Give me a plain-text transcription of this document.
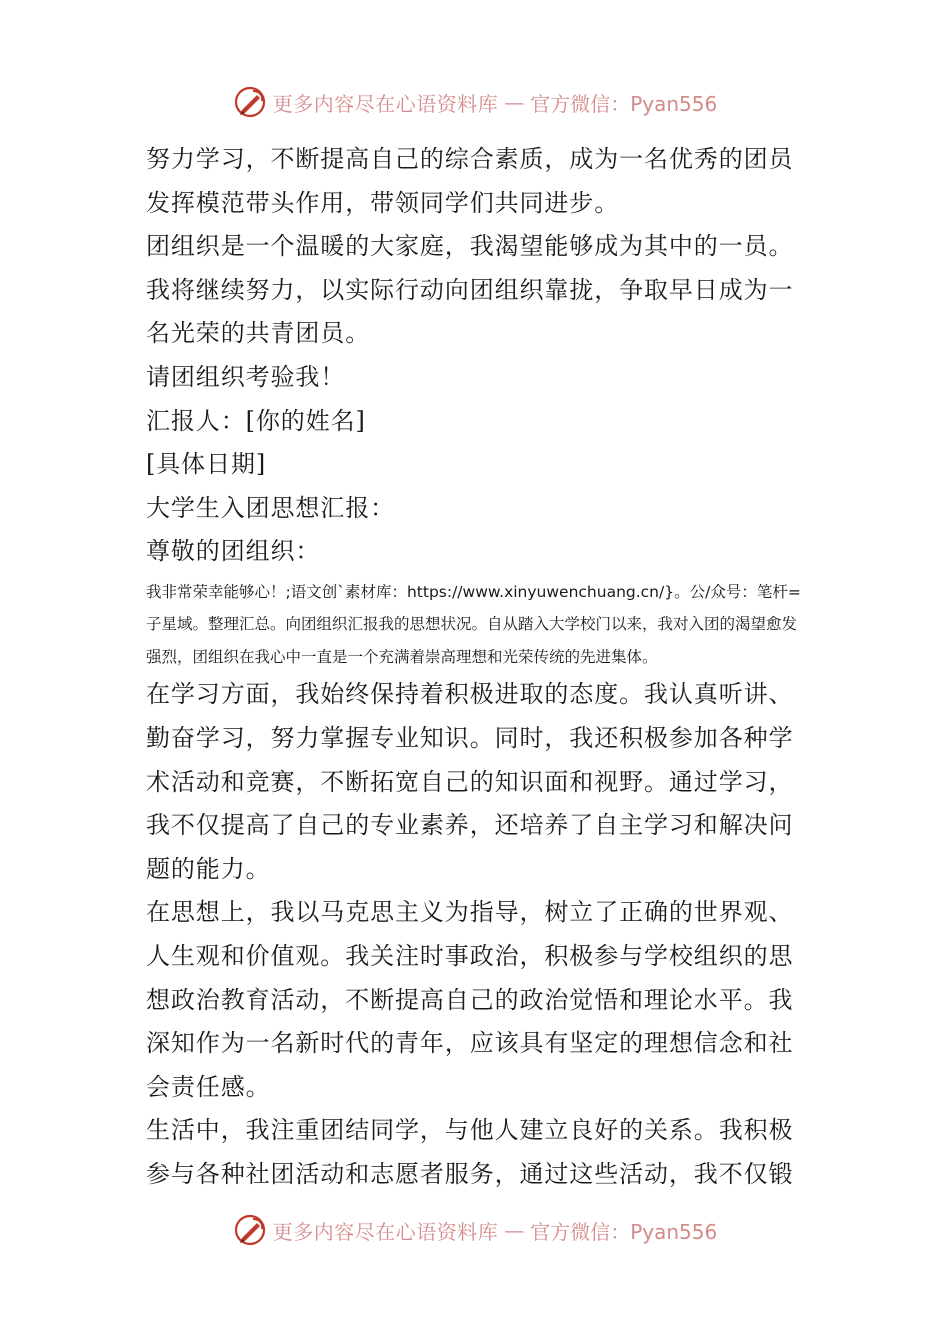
更多内容尽在心语资料库 — 官方微信：Pyan556

努力学习，不断提高自己的综合素质，成为一名优秀的团员

发挥模范带头作用，带领同学们共同进步。

团组织是一个温暖的大家庭，我渴望能够成为其中的一员。

我将继续努力，以实际行动向团组织靠拢，争取早日成为一

名光荣的共青团员。

请团组织考验我！

汇报人：[你的姓名]

[具体日期]

大学生入团思想汇报：

尊敬的团组织：

我非常荣幸能够心！;语文创`素材库：https://www.xinyuwenchuang.cn/}。公/众号：笔杆=子星域。整理汇总。向团组织汇报我的思想状况。自从踏入大学校门以来，我对入团的渴望愈发强烈，团组织在我心中一直是一个充满着崇高理想和光荣传统的先进集体。

在学习方面，我始终保持着积极进取的态度。我认真听讲、

勤奋学习，努力掌握专业知识。同时，我还积极参加各种学

术活动和竞赛，不断拓宽自己的知识面和视野。通过学习，

我不仅提高了自己的专业素养，还培养了自主学习和解决问

题的能力。

在思想上，我以马克思主义为指导，树立了正确的世界观、

人生观和价值观。我关注时事政治，积极参与学校组织的思

想政治教育活动，不断提高自己的政治觉悟和理论水平。我

深知作为一名新时代的青年，应该具有坚定的理想信念和社

会责任感。

生活中，我注重团结同学，与他人建立良好的关系。我积极

参与各种社团活动和志愿者服务，通过这些活动，我不仅锻

更多内容尽在心语资料库 — 官方微信：Pyan556
